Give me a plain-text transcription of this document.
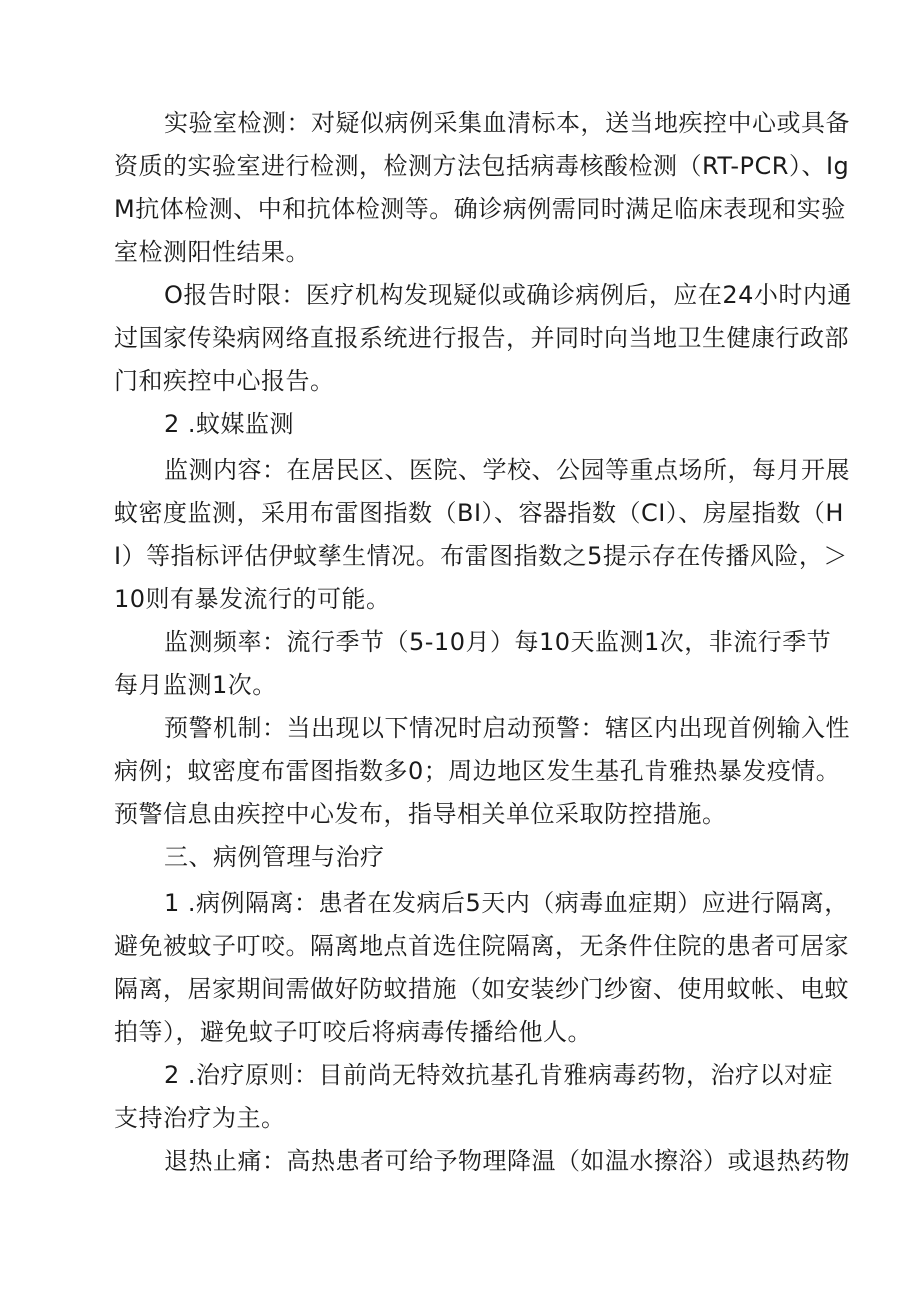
实验室检测：对疑似病例采集血清标本，送当地疾控中心或具备资质的实验室进行检测，检测方法包括病毒核酸检测（RT-PCR）、IgM抗体检测、中和抗体检测等。确诊病例需同时满足临床表现和实验室检测阳性结果。

O报告时限：医疗机构发现疑似或确诊病例后，应在24小时内通过国家传染病网络直报系统进行报告，并同时向当地卫生健康行政部门和疾控中心报告。

2 .蚊媒监测

监测内容：在居民区、医院、学校、公园等重点场所，每月开展蚊密度监测，采用布雷图指数（BI）、容器指数（CI）、房屋指数（HI）等指标评估伊蚊孳生情况。布雷图指数之5提示存在传播风险，＞10则有暴发流行的可能。

监测频率：流行季节（5-10月）每10天监测1次，非流行季节每月监测1次。

预警机制：当出现以下情况时启动预警：辖区内出现首例输入性病例；蚊密度布雷图指数多0；周边地区发生基孔肯雅热暴发疫情。预警信息由疾控中心发布，指导相关单位采取防控措施。

三、病例管理与治疗

1 .病例隔离：患者在发病后5天内（病毒血症期）应进行隔离，避免被蚊子叮咬。隔离地点首选住院隔离，无条件住院的患者可居家隔离，居家期间需做好防蚊措施（如安装纱门纱窗、使用蚊帐、电蚊拍等），避免蚊子叮咬后将病毒传播给他人。

2 .治疗原则：目前尚无特效抗基孔肯雅病毒药物，治疗以对症支持治疗为主。

退热止痛：高热患者可给予物理降温（如温水擦浴）或退热药物
